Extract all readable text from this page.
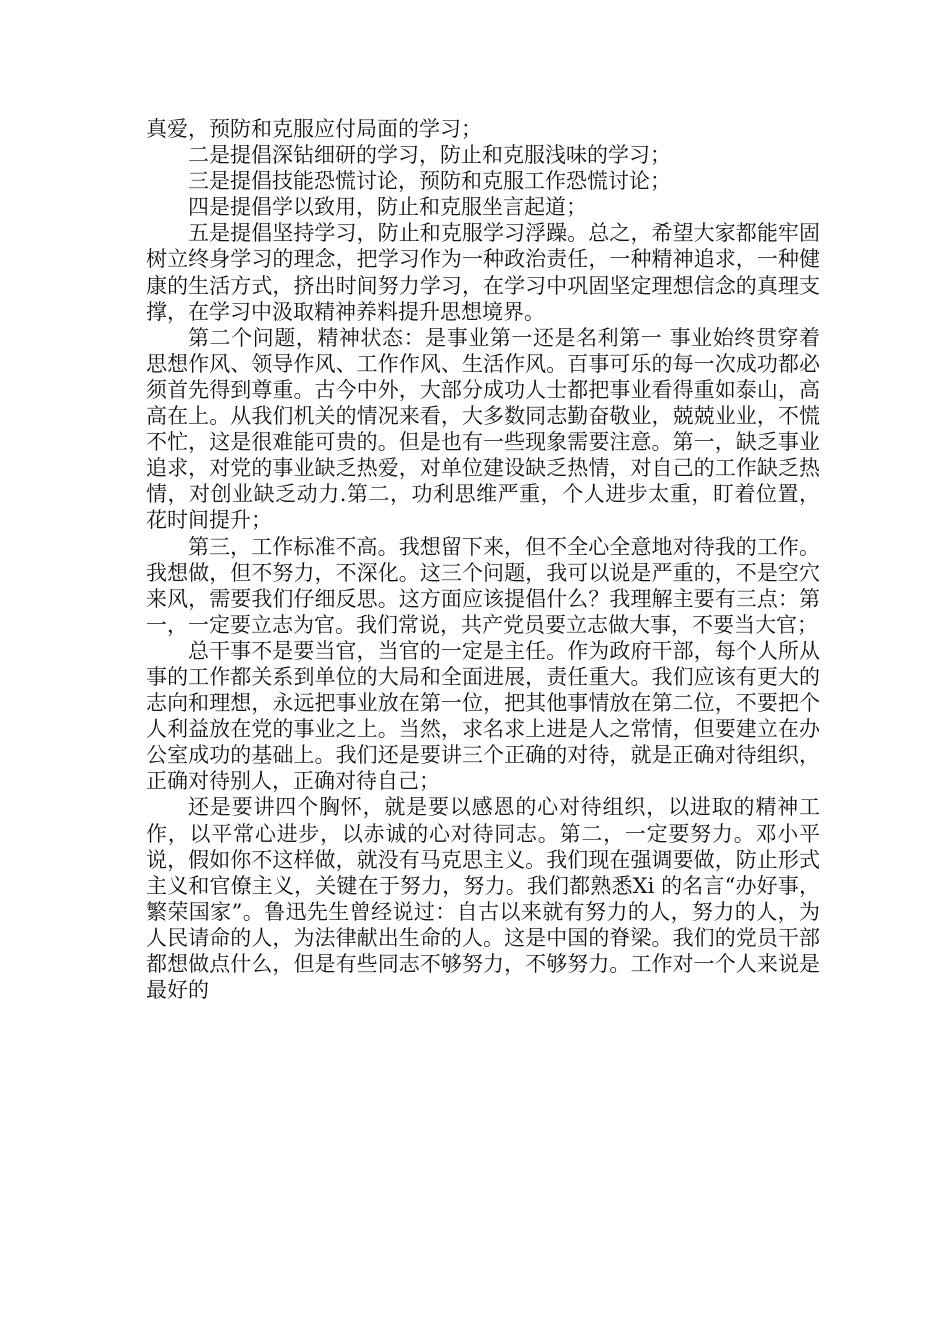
真爱，预防和克服应付局面的学习；

二是提倡深钻细研的学习，防止和克服浅味的学习；

三是提倡技能恐慌讨论，预防和克服工作恐慌讨论；

四是提倡学以致用，防止和克服坐言起道；

五是提倡坚持学习，防止和克服学习浮躁。总之，希望大家都能牢固树立终身学习的理念，把学习作为一种政治责任，一种精神追求，一种健康的生活方式，挤出时间努力学习，在学习中巩固坚定理想信念的真理支撑，在学习中汲取精神养料提升思想境界。

第二个问题，精神状态：是事业第一还是名利第一 事业始终贯穿着思想作风、领导作风、工作作风、生活作风。百事可乐的每一次成功都必须首先得到尊重。古今中外，大部分成功人士都把事业看得重如泰山，高高在上。从我们机关的情况来看，大多数同志勤奋敬业，兢兢业业，不慌不忙，这是很难能可贵的。但是也有一些现象需要注意。第一，缺乏事业追求，对党的事业缺乏热爱，对单位建设缺乏热情，对自己的工作缺乏热情，对创业缺乏动力.第二，功利思维严重，个人进步太重，盯着位置，花时间提升；

第三，工作标准不高。我想留下来，但不全心全意地对待我的工作。我想做，但不努力，不深化。这三个问题，我可以说是严重的，不是空穴来风，需要我们仔细反思。这方面应该提倡什么？我理解主要有三点：第一，一定要立志为官。我们常说，共产党员要立志做大事，不要当大官；

总干事不是要当官，当官的一定是主任。作为政府干部，每个人所从事的工作都关系到单位的大局和全面进展，责任重大。我们应该有更大的志向和理想，永远把事业放在第一位，把其他事情放在第二位，不要把个人利益放在党的事业之上。当然，求名求上进是人之常情，但要建立在办公室成功的基础上。我们还是要讲三个正确的对待，就是正确对待组织，正确对待别人，正确对待自己；

还是要讲四个胸怀，就是要以感恩的心对待组织，以进取的精神工作，以平常心进步，以赤诚的心对待同志。第二，一定要努力。邓小平说，假如你不这样做，就没有马克思主义。我们现在强调要做，防止形式主义和官僚主义，关键在于努力，努力。我们都熟悉Xi 的名言“办好事，繁荣国家”。鲁迅先生曾经说过：自古以来就有努力的人，努力的人，为人民请命的人，为法律献出生命的人。这是中国的脊梁。我们的党员干部都想做点什么，但是有些同志不够努力，不够努力。工作对一个人来说是最好的
